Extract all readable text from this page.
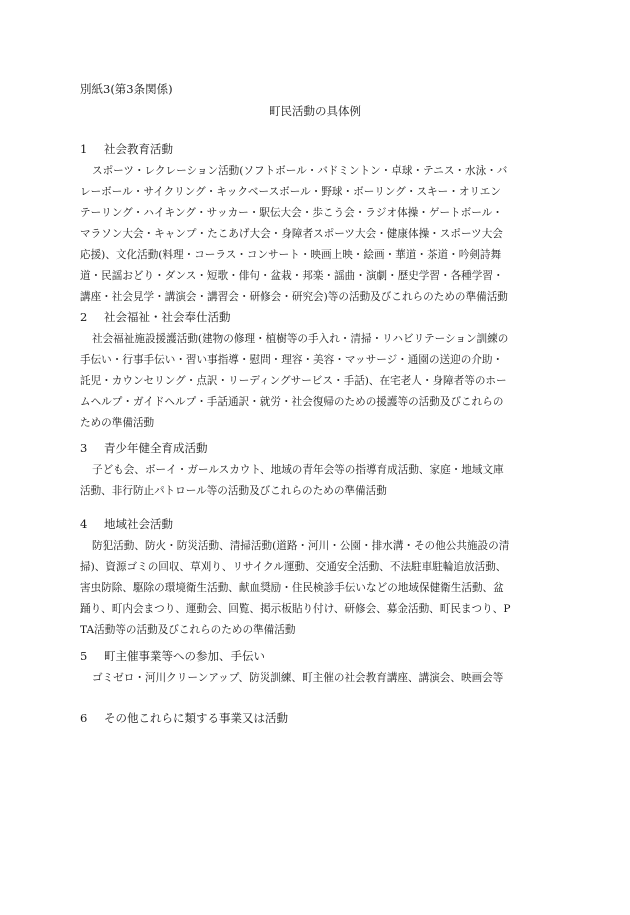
別紙3(第3条関係)
町民活動の具体例
1 社会教育活動
スポーツ・レクレーション活動(ソフトボール・バドミントン・卓球・テニス・水泳・バ
レーボール・サイクリング・キックベースボール・野球・ボーリング・スキー・オリエン
テーリング・ハイキング・サッカー・駅伝大会・歩こう会・ラジオ体操・ゲートボール・
マラソン大会・キャンプ・たこあげ大会・身障者スポーツ大会・健康体操・スポーツ大会
応援)、文化活動(料理・コーラス・コンサート・映画上映・絵画・華道・茶道・吟剣詩舞
道・民謡おどり・ダンス・短歌・俳句・盆栽・邦楽・謡曲・演劇・歴史学習・各種学習・
講座・社会見学・講演会・講習会・研修会・研究会)等の活動及びこれらのための準備活動
2 社会福祉・社会奉仕活動
社会福祉施設援護活動(建物の修理・植樹等の手入れ・清掃・リハビリテーション訓練の
手伝い・行事手伝い・習い事指導・慰問・理容・美容・マッサージ・通園の送迎の介助・
託児・カウンセリング・点訳・リーディングサービス・手話)、在宅老人・身障者等のホー
ムヘルプ・ガイドヘルプ・手話通訳・就労・社会復帰のための援護等の活動及びこれらの
ための準備活動
3 青少年健全育成活動
子ども会、ボーイ・ガールスカウト、地域の青年会等の指導育成活動、家庭・地域文庫
活動、非行防止パトロール等の活動及びこれらのための準備活動
4 地域社会活動
防犯活動、防火・防災活動、清掃活動(道路・河川・公園・排水溝・その他公共施設の清
掃)、資源ゴミの回収、草刈り、リサイクル運動、交通安全活動、不法駐車駐輪追放活動、
害虫防除、駆除の環境衛生活動、献血奨励・住民検診手伝いなどの地域保健衛生活動、盆
踊り、町内会まつり、運動会、回覧、掲示板貼り付け、研修会、募金活動、町民まつり、P
TA活動等の活動及びこれらのための準備活動
5 町主催事業等への参加、手伝い
ゴミゼロ・河川クリーンアップ、防災訓練、町主催の社会教育講座、講演会、映画会等
6 その他これらに類する事業又は活動
